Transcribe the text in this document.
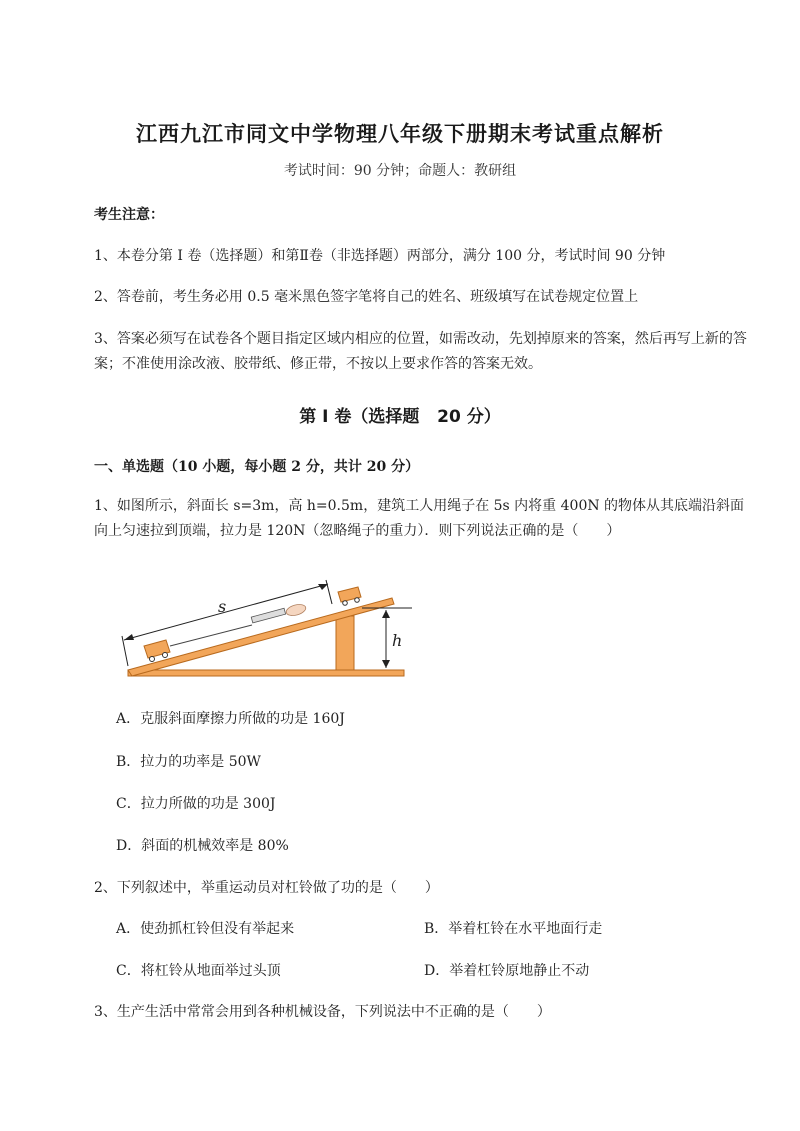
江西九江市同文中学物理八年级下册期末考试重点解析
考试时间：90 分钟；命题人：教研组
考生注意：
1、本卷分第 I 卷（选择题）和第Ⅱ卷（非选择题）两部分，满分 100 分，考试时间 90 分钟
2、答卷前，考生务必用 0.5 毫米黑色签字笔将自己的姓名、班级填写在试卷规定位置上
3、答案必须写在试卷各个题目指定区域内相应的位置，如需改动，先划掉原来的答案，然后再写上新的答案；不准使用涂改液、胶带纸、修正带，不按以上要求作答的答案无效。
第 I 卷（选择题   20 分）
一、单选题（10 小题，每小题 2 分，共计 20 分）
1、如图所示，斜面长 s=3m，高 h=0.5m，建筑工人用绳子在 5s 内将重 400N 的物体从其底端沿斜面向上匀速拉到顶端，拉力是 120N（忽略绳子的重力）．则下列说法正确的是（　　）
s
h
A．克服斜面摩擦力所做的功是 160J
B．拉力的功率是 50W
C．拉力所做的功是 300J
D．斜面的机械效率是 80%
2、下列叙述中，举重运动员对杠铃做了功的是（　　）
A．使劲抓杠铃但没有举起来	B．举着杠铃在水平地面行走
C．将杠铃从地面举过头顶	D．举着杠铃原地静止不动
3、生产生活中常常会用到各种机械设备，下列说法中不正确的是（　　）
